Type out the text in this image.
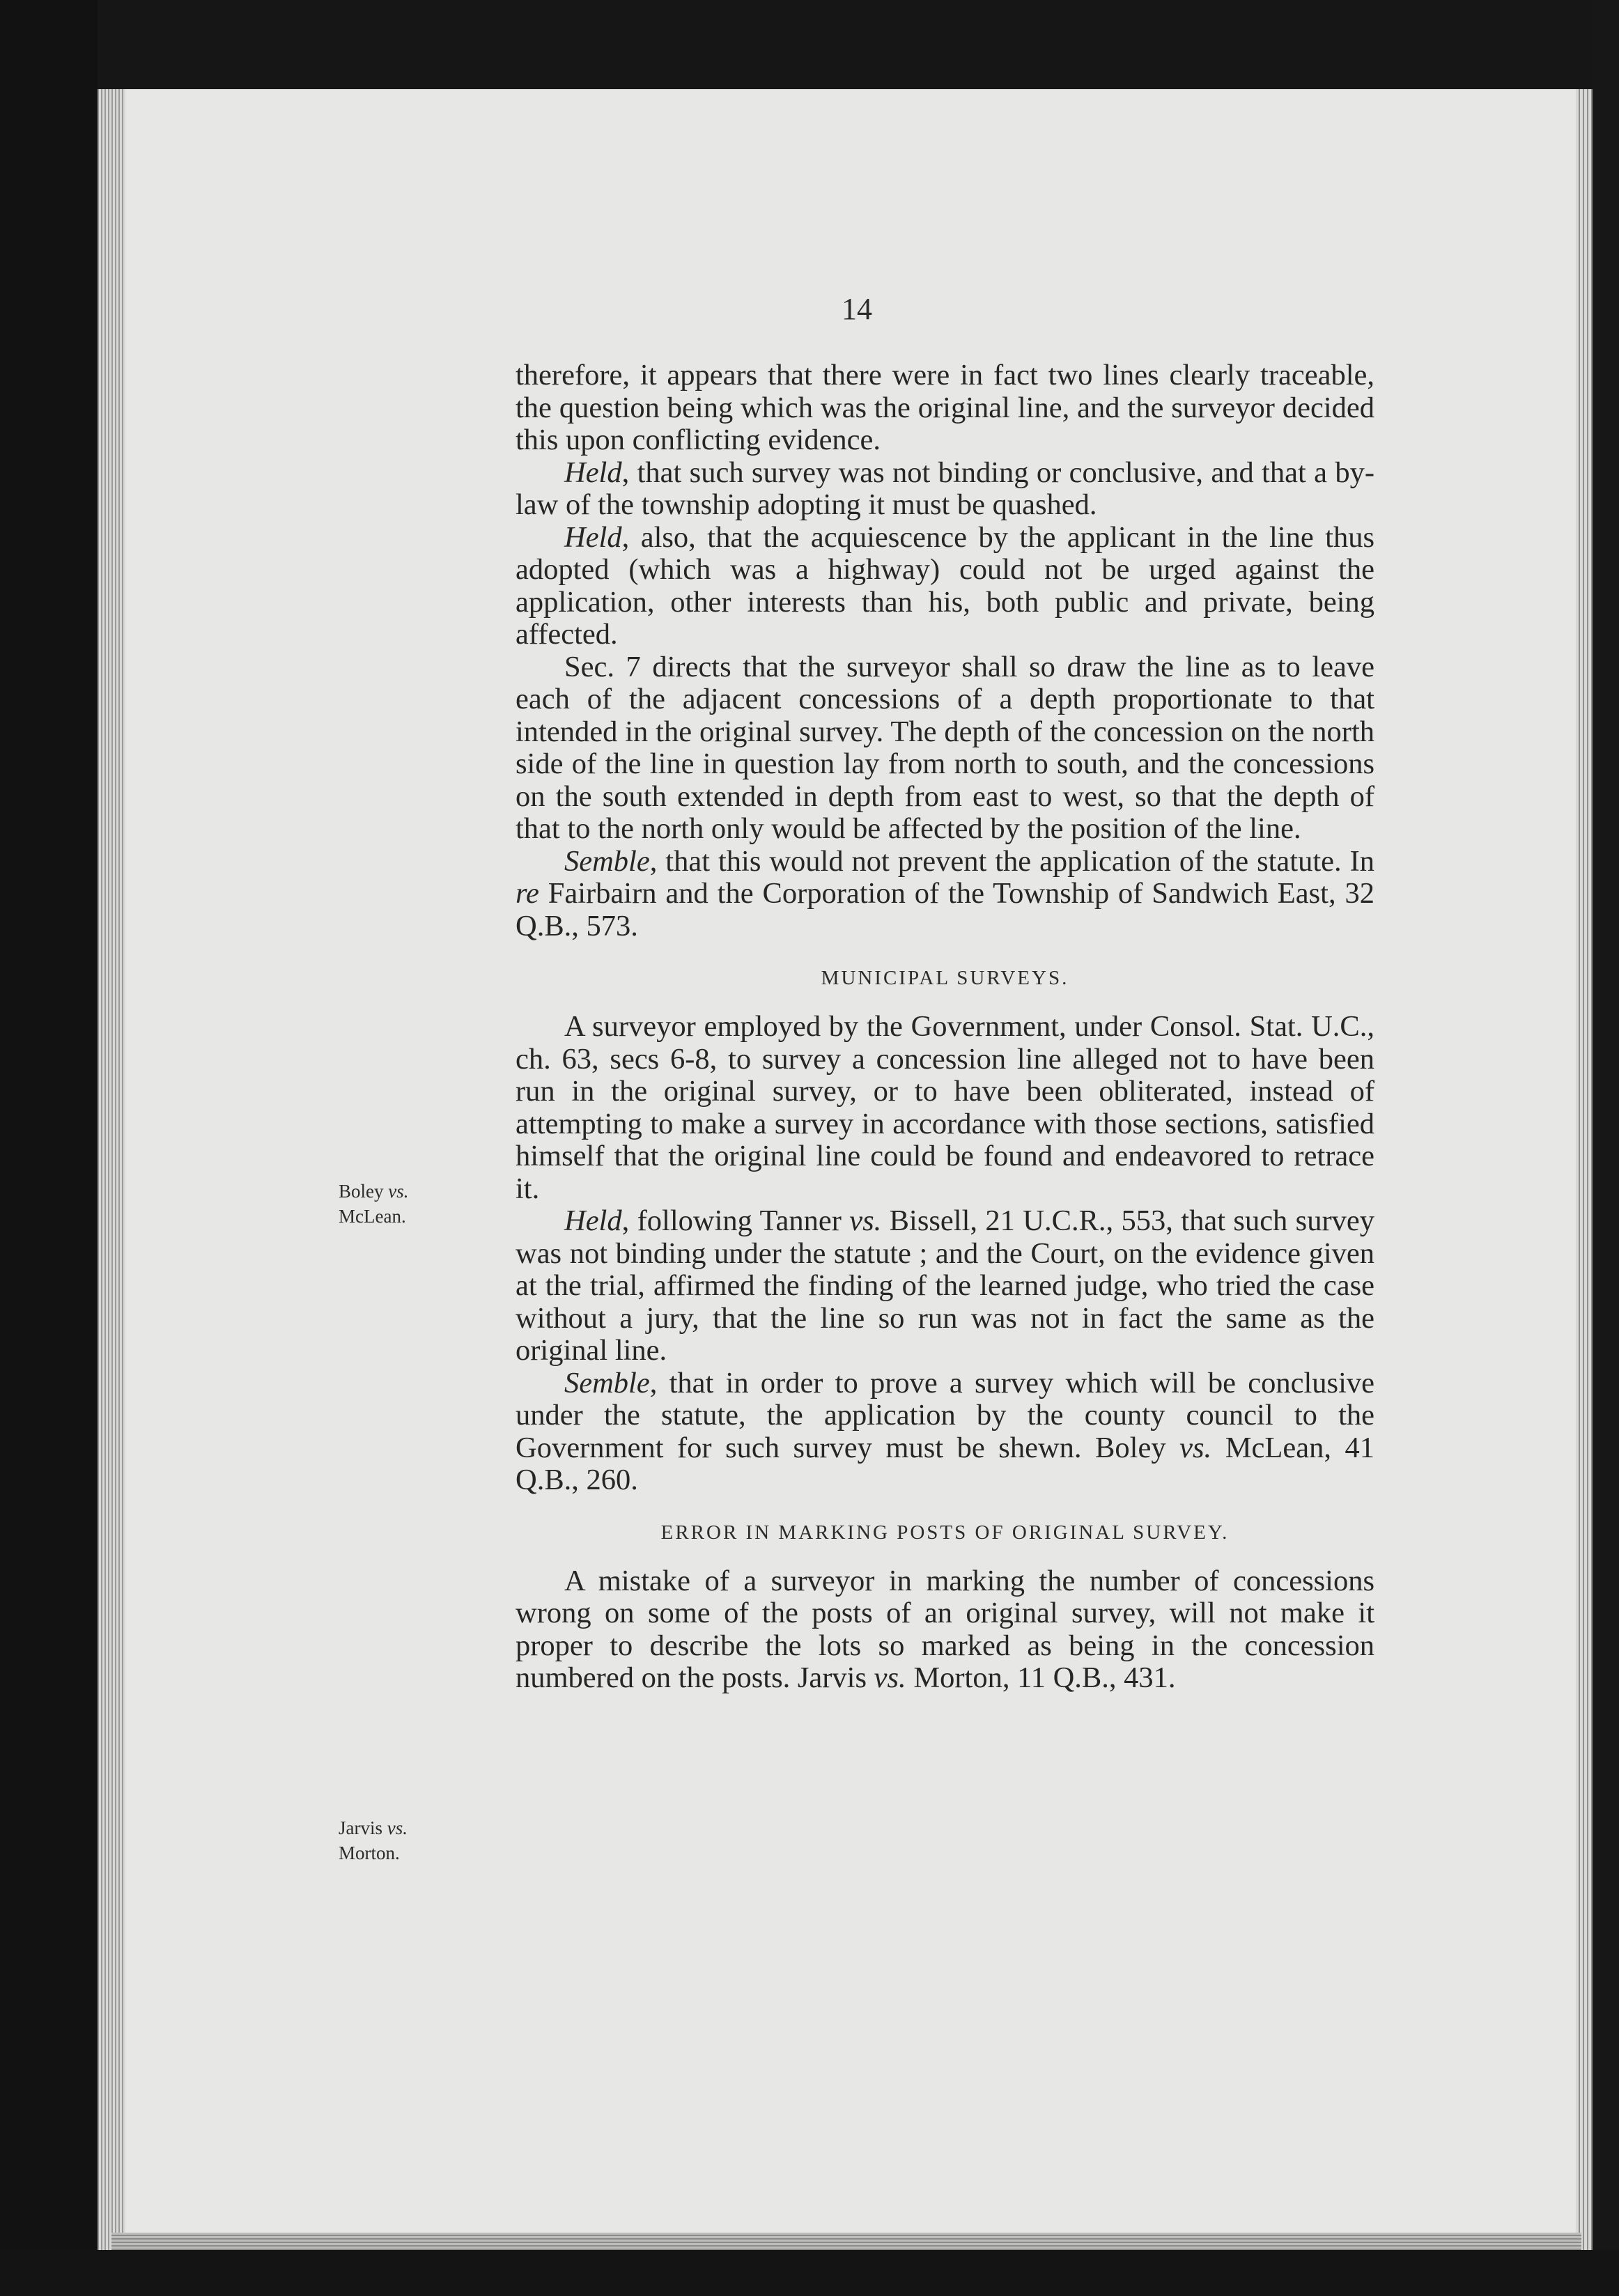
14
Boley vs.
McLean.
Jarvis vs.
Morton.

therefore, it appears that there were in fact two lines clearly traceable, the question being which was the original line, and the surveyor decided this upon conflicting evidence.

Held, that such survey was not binding or conclusive, and that a by-law of the township adopting it must be quashed.

Held, also, that the acquiescence by the applicant in the line thus adopted (which was a highway) could not be urged against the application, other interests than his, both public and private, being affected.

Sec. 7 directs that the surveyor shall so draw the line as to leave each of the adjacent concessions of a depth proportionate to that intended in the original survey. The depth of the concession on the north side of the line in question lay from north to south, and the concessions on the south extended in depth from east to west, so that the depth of that to the north only would be affected by the position of the line.

Semble, that this would not prevent the application of the statute. In re Fairbairn and the Corporation of the Township of Sandwich East, 32 Q.B., 573.

MUNICIPAL SURVEYS.

A surveyor employed by the Government, under Consol. Stat. U.C., ch. 63, secs 6-8, to survey a concession line alleged not to have been run in the original survey, or to have been obliterated, instead of attempting to make a survey in accordance with those sections, satisfied himself that the original line could be found and endeavored to retrace it.

Held, following Tanner vs. Bissell, 21 U.C.R., 553, that such survey was not binding under the statute ; and the Court, on the evidence given at the trial, affirmed the finding of the learned judge, who tried the case without a jury, that the line so run was not in fact the same as the original line.

Semble, that in order to prove a survey which will be conclusive under the statute, the application by the county council to the Government for such survey must be shewn. Boley vs. McLean, 41 Q.B., 260.

ERROR IN MARKING POSTS OF ORIGINAL SURVEY.

A mistake of a surveyor in marking the number of concessions wrong on some of the posts of an original survey, will not make it proper to describe the lots so marked as being in the concession numbered on the posts. Jarvis vs. Morton, 11 Q.B., 431.
